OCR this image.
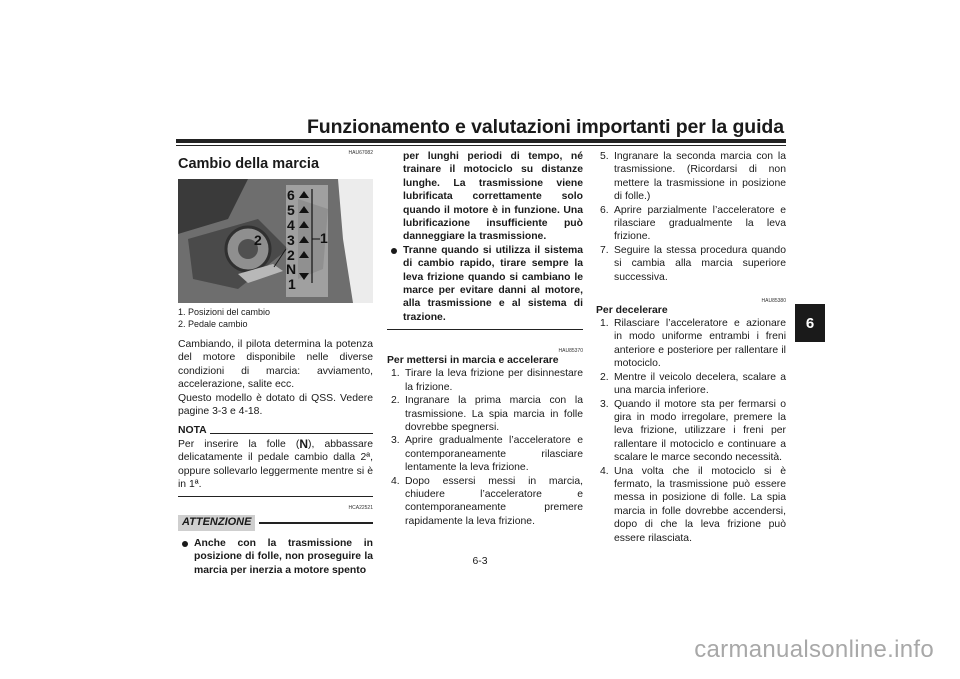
Funzionamento e valutazioni importanti per la guida
6
HAU67082
Cambio della marcia
6
5
4
3
2
N
1
1
2
1. Posizioni del cambio
2. Pedale cambio
Cambiando, il pilota determina la potenza del motore disponibile nelle diverse condizioni di marcia: avviamento, accelerazione, salite ecc.
Questo modello è dotato di QSS. Vedere pagine 3-3 e 4-18.
NOTA
Per inserire la folle (N), abbassare delicatamente il pedale cambio dalla 2ª, oppure sollevarlo leggermente mentre si è in 1ª.
HCA22521
ATTENZIONE
Anche con la trasmissione in posizione di folle, non proseguire la marcia per inerzia a motore spento
per lunghi periodi di tempo, né trainare il motociclo su distanze lunghe. La trasmissione viene lubrificata correttamente solo quando il motore è in funzione. Una lubrificazione insufficiente può danneggiare la trasmissione.
Tranne quando si utilizza il sistema di cambio rapido, tirare sempre la leva frizione quando si cambiano le marce per evitare danni al motore, alla trasmissione e al sistema di trazione.
HAU85370
Per mettersi in marcia e accelerare
1. Tirare la leva frizione per disinnestare la frizione.
2. Ingranare la prima marcia con la trasmissione. La spia marcia in folle dovrebbe spegnersi.
3. Aprire gradualmente l’acceleratore e contemporaneamente rilasciare lentamente la leva frizione.
4. Dopo essersi messi in marcia, chiudere l’acceleratore e contemporaneamente premere rapidamente la leva frizione.
5. Ingranare la seconda marcia con la trasmissione. (Ricordarsi di non mettere la trasmissione in posizione di folle.)
6. Aprire parzialmente l’acceleratore e rilasciare gradualmente la leva frizione.
7. Seguire la stessa procedura quando si cambia alla marcia superiore successiva.
HAU85380
Per decelerare
1. Rilasciare l’acceleratore e azionare in modo uniforme entrambi i freni anteriore e posteriore per rallentare il motociclo.
2. Mentre il veicolo decelera, scalare a una marcia inferiore.
3. Quando il motore sta per fermarsi o gira in modo irregolare, premere la leva frizione, utilizzare i freni per rallentare il motociclo e continuare a scalare le marce secondo necessità.
4. Una volta che il motociclo si è fermato, la trasmissione può essere messa in posizione di folle. La spia marcia in folle dovrebbe accendersi, dopo di che la leva frizione può essere rilasciata.
6-3
carmanualsonline.info
